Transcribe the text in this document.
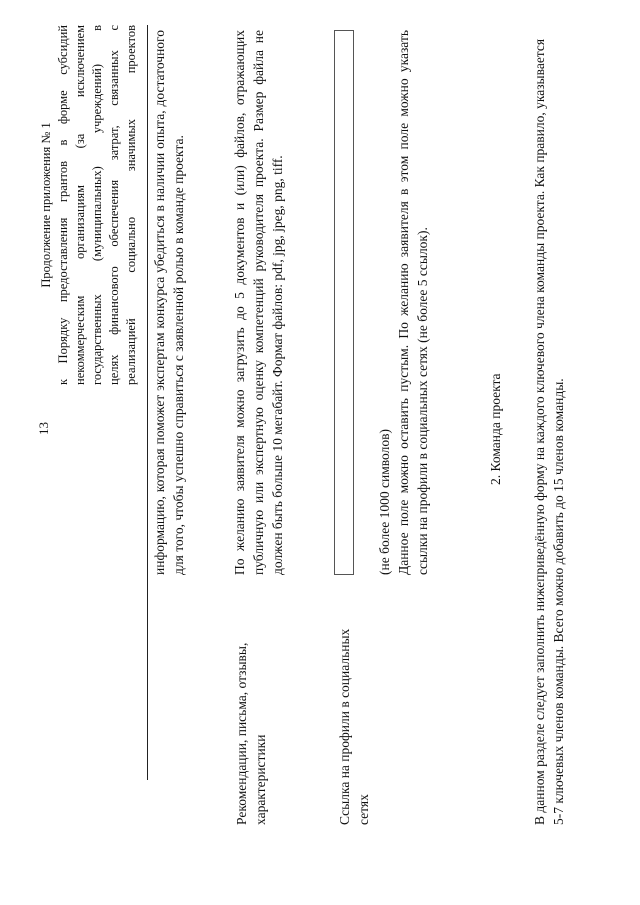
13
Продолжение приложения № 1 к Порядку предоставления грантов в форме субсидий некоммерческим организациям (за исключением государственных (муниципальных) учреждений) в целях финансового обеспечения затрат, связанных с реализацией социально значимых проектов информацию, которая поможет экспертам конкурса убедиться в наличии опыта, достаточного для того, чтобы успешно справиться с заявленной ролью в команде проекта.
Рекомендации, письма, отзывы, характеристики
По желанию заявителя можно загрузить до 5 документов и (или) файлов, отражающих публичную или экспертную оценку компетенций руководителя проекта. Размер файла не должен быть больше 10 мегабайт. Формат файлов: pdf, jpg, jpeg, png, tiff.
Ссылка на профили в социальных сетях
(не более 1000 символов) Данное поле можно оставить пустым. По желанию заявителя в этом поле можно указать ссылки на профили в социальных сетях (не более 5 ссылок).	2. Команда проекта В данном разделе следует заполнить нижеприведённую форму на каждого ключевого члена команды проекта. Как правило, указывается 5-7 ключевых членов команды. Всего можно добавить до 15 членов команды.
